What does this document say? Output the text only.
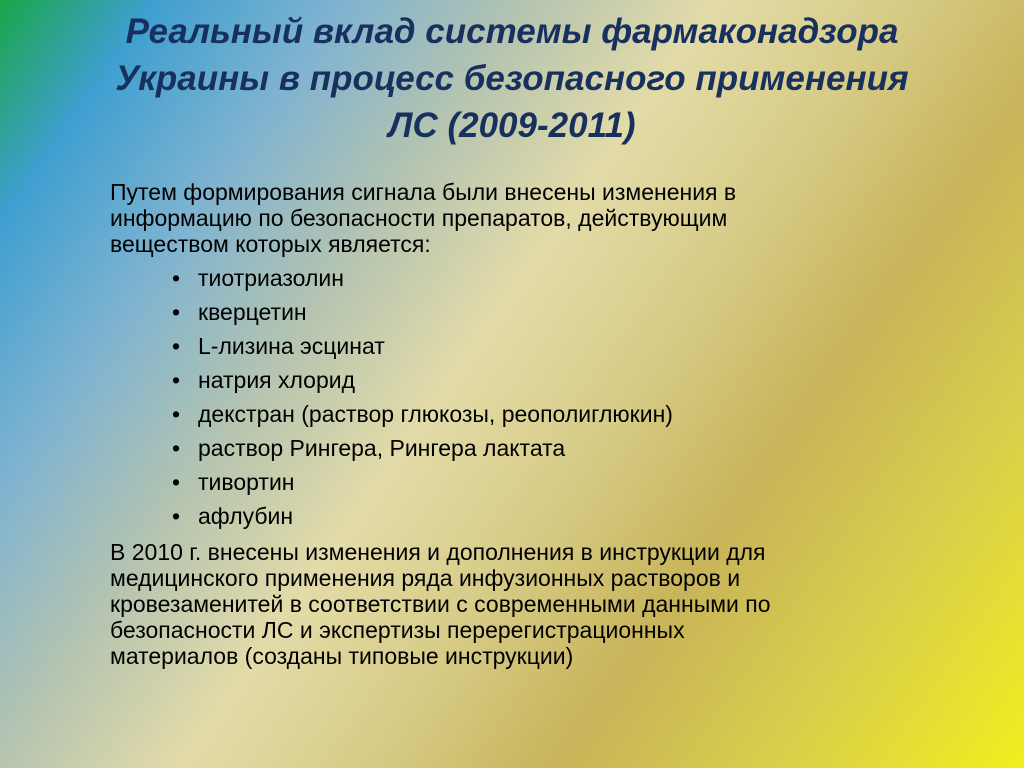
Реальный вклад системы фармаконадзора
Украины в процесс безопасного применения
ЛС (2009-2011)

Путем формирования сигнала были внесены изменения в
информацию по безопасности препаратов, действующим
веществом которых является:

• тиотриазолин
• кверцетин
• L-лизина эсцинат
• натрия хлорид
• декстран (раствор глюкозы, реополиглюкин)
• раствор Рингера, Рингера лактата
• тивортин
• афлубин

В 2010 г. внесены изменения и дополнения в инструкции для
медицинского применения ряда инфузионных растворов и
кровезаменитей в соответствии с современными данными по
безопасности ЛС и экспертизы перерегистрационных
материалов (созданы типовые инструкции)
